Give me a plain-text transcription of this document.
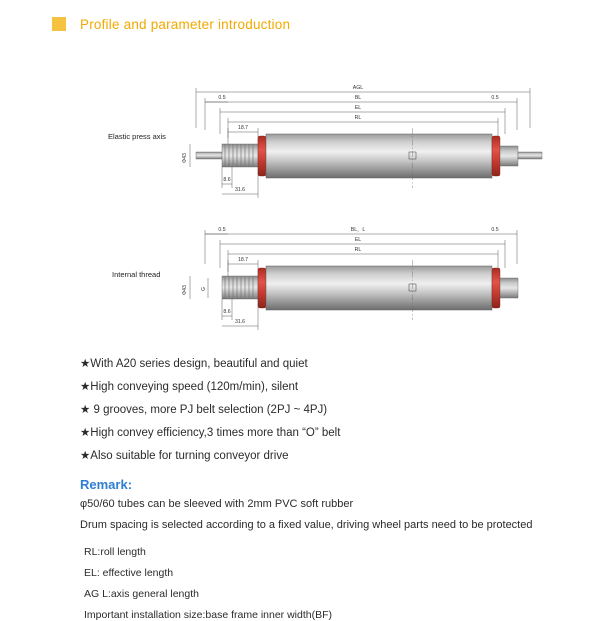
Profile and parameter introduction
Elastic press axis
AGL
BL
EL
RL
0.5	0.5
18.7
8.6
31.6
Φ43
Internal thread
BL，L
EL
RL
0.5	0.5
18.7
8.6
31.6
Φ43	G
★With A20 series design, beautiful and quiet
★High conveying speed (120m/min), silent
★ 9 grooves, more PJ belt selection (2PJ ~ 4PJ)
★High convey efficiency,3 times more than “O” belt
★Also suitable for turning conveyor drive
Remark:
φ50/60 tubes can be sleeved with 2mm PVC soft rubber
Drum spacing is selected according to a fixed value, driving wheel parts need to be protected
RL:roll length
EL: effective length
AG L:axis general length
Important installation size:base frame inner width(BF)
